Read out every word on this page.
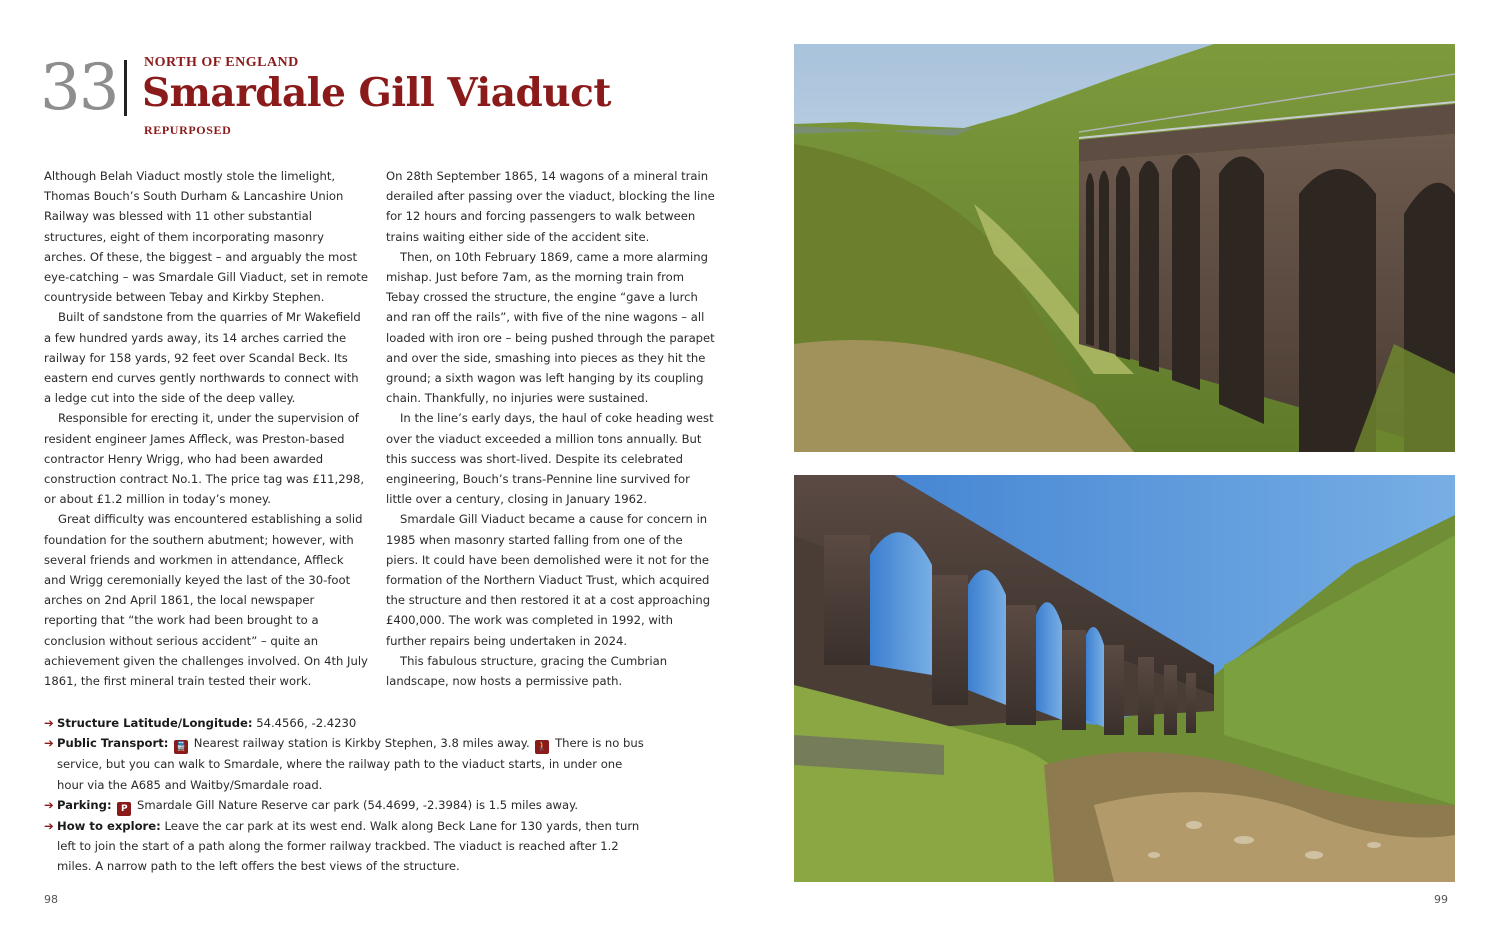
33 NORTH OF ENGLAND
Smardale Gill Viaduct
REPURPOSED

Although Belah Viaduct mostly stole the limelight, Thomas Bouch’s South Durham & Lancashire Union Railway was blessed with 11 other substantial structures, eight of them incorporating masonry arches. Of these, the biggest – and arguably the most eye-catching – was Smardale Gill Viaduct, set in remote countryside between Tebay and Kirkby Stephen.

Built of sandstone from the quarries of Mr Wakefield a few hundred yards away, its 14 arches carried the railway for 158 yards, 92 feet over Scandal Beck. Its eastern end curves gently northwards to connect with a ledge cut into the side of the deep valley.

Responsible for erecting it, under the supervision of resident engineer James Affleck, was Preston-based contractor Henry Wrigg, who had been awarded construction contract No.1. The price tag was £11,298, or about £1.2 million in today’s money.

Great difficulty was encountered establishing a solid foundation for the southern abutment; however, with several friends and workmen in attendance, Affleck and Wrigg ceremonially keyed the last of the 30-foot arches on 2nd April 1861, the local newspaper reporting that “the work had been brought to a conclusion without serious accident” – quite an achievement given the challenges involved. On 4th July 1861, the first mineral train tested their work.

On 28th September 1865, 14 wagons of a mineral train derailed after passing over the viaduct, blocking the line for 12 hours and forcing passengers to walk between trains waiting either side of the accident site.

Then, on 10th February 1869, came a more alarming mishap. Just before 7am, as the morning train from Tebay crossed the structure, the engine “gave a lurch and ran off the rails”, with five of the nine wagons – all loaded with iron ore – being pushed through the parapet and over the side, smashing into pieces as they hit the ground; a sixth wagon was left hanging by its coupling chain. Thankfully, no injuries were sustained.

In the line’s early days, the haul of coke heading west over the viaduct exceeded a million tons annually. But this success was short-lived. Despite its celebrated engineering, Bouch’s trans-Pennine line survived for little over a century, closing in January 1962.

Smardale Gill Viaduct became a cause for concern in 1985 when masonry started falling from one of the piers. It could have been demolished were it not for the formation of the Northern Viaduct Trust, which acquired the structure and then restored it at a cost approaching £400,000. The work was completed in 1992, with further repairs being undertaken in 2024.

This fabulous structure, gracing the Cumbrian landscape, now hosts a permissive path.

➔ Structure Latitude/Longitude: 54.4566, -2.4230
➔ Public Transport: 🚆 Nearest railway station is Kirkby Stephen, 3.8 miles away. 🚶 There is no bus service, but you can walk to Smardale, where the railway path to the viaduct starts, in under one hour via the A685 and Waitby/Smardale road.
➔ Parking: P Smardale Gill Nature Reserve car park (54.4699, -2.3984) is 1.5 miles away.
➔ How to explore: Leave the car park at its west end. Walk along Beck Lane for 130 yards, then turn left to join the start of a path along the former railway trackbed. The viaduct is reached after 1.2 miles. A narrow path to the left offers the best views of the structure.
98	99
